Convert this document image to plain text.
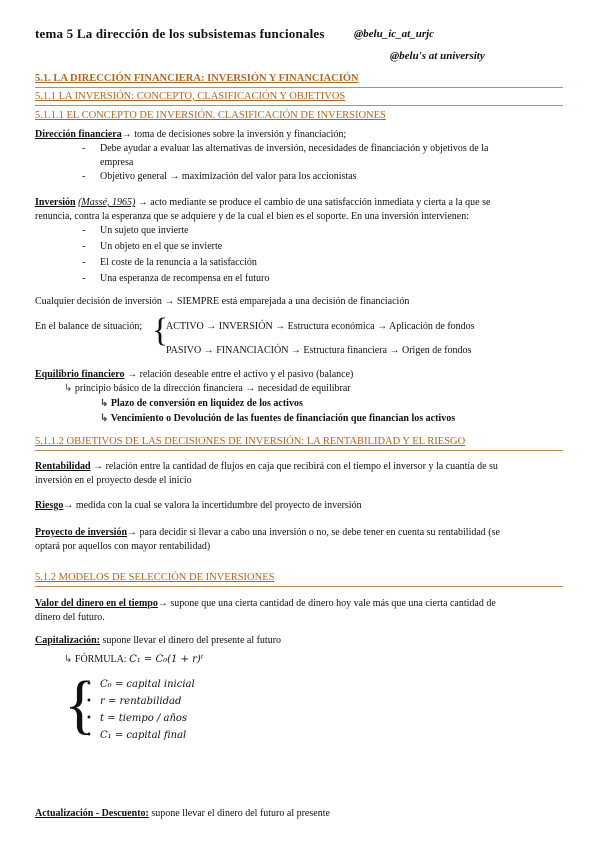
tema 5 La dirección de los subsistemas funcionales	@belu_ic_at_urjc
@belu's at university
5.1. LA DIRECCIÓN FINANCIERA: INVERSIÓN Y FINANCIACIÓN
5.1.1 LA INVERSIÓN: CONCEPTO, CLASIFICACIÓN Y OBJETIVOS
5.1.1.1 EL CONCEPTO DE INVERSIÓN. CLASIFICACIÓN DE INVERSIONES
Dirección financiera→ toma de decisiones sobre la inversión y financiación;
- Debe ayudar a evaluar las alternativas de inversión, necesidades de financiación y objetivos de la
empresa
- Objetivo general → maximización del valor para los accionistas
Inversión (Massé, 1965) → acto mediante se produce el cambio de una satisfacción inmediata y cierta a la que se
renuncia, contra la esperanza que se adquiere y de la cual el bien es el soporte. En una inversión intervienen:
- Un sujeto que invierte
- Un objeto en el que se invierte
- El coste de la renuncia a la satisfacción
- Una esperanza de recompensa en el futuro
Cualquier decisión de inversión → SIEMPRE está emparejada a una decisión de financiación
En el balance de situación; {
ACTIVO → INVERSIÓN → Estructura económica → Aplicación de fondos
PASIVO → FINANCIACIÓN → Estructura financiera → Origen de fondos
Equilibrio financiero → relación deseable entre el activo y el pasivo (balance)
↳ principio básico de la dirección financiera → necesidad de equilibrar
↳ Plazo de conversión en liquidez de los activos
↳ Vencimiento o Devolución de las fuentes de financiación que financian los activos
5.1.1.2 OBJETIVOS DE LAS DECISIONES DE INVERSIÓN: LA RENTABILIDAD Y EL RIESGO
Rentabilidad → relación entre la cantidad de flujos en caja que recibirá con el tiempo el inversor y la cuantía de su
inversión en el proyecto desde el inicio
Riesgo→ medida con la cual se valora la incertidumbre del proyecto de inversión
Proyecto de inversión→ para decidir si llevar a cabo una inversión o no, se debe tener en cuenta su rentabilidad (se
optará por aquellos con mayor rentabilidad)
5.1.2 MODELOS DE SELECCIÓN DE INVERSIONES
Valor del dinero en el tiempo→ supone que una cierta cantidad de dinero hoy vale más que una cierta cantidad de
dinero del futuro.
Capitalización: supone llevar el dinero del presente al futuro
↳ FÓRMULA: C₁ = C₀(1 + r)ᵗ
{
• C₀ = capital inicial
• r = rentabilidad
• t = tiempo / años
• C₁ = capital final
Actualización - Descuento: supone llevar el dinero del futuro al presente
